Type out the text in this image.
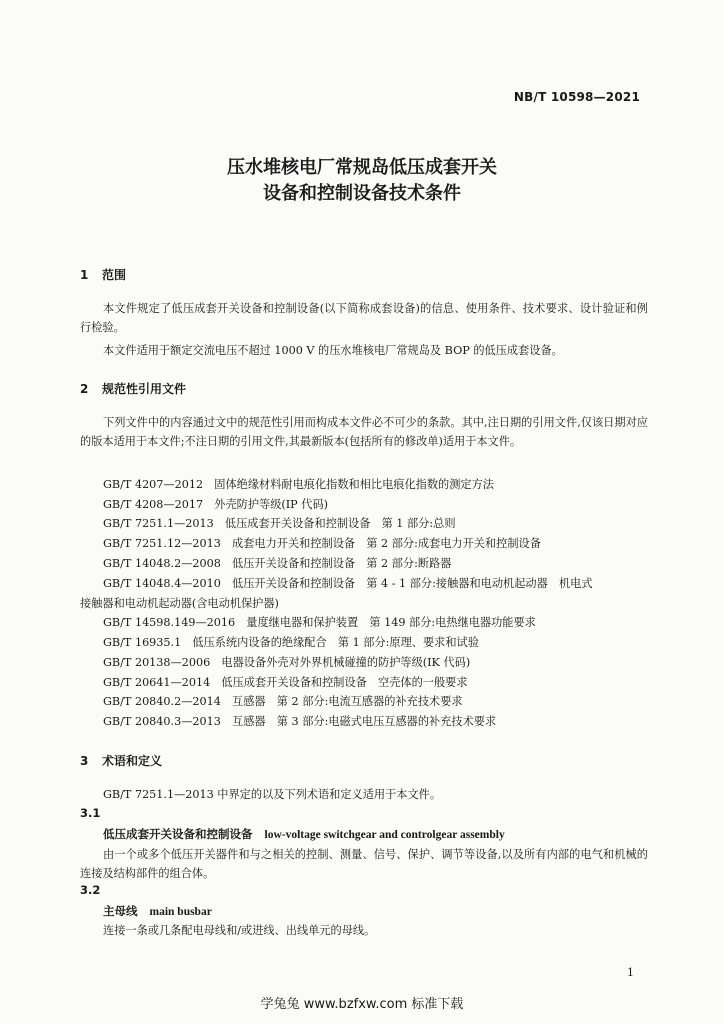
NB/T 10598—2021
压水堆核电厂常规岛低压成套开关
设备和控制设备技术条件
1 范围

本文件规定了低压成套开关设备和控制设备(以下简称成套设备)的信息、使用条件、技术要求、设计验证和例行检验。

本文件适用于额定交流电压不超过 1000 V 的压水堆核电厂常规岛及 BOP 的低压成套设备。

2 规范性引用文件

下列文件中的内容通过文中的规范性引用而构成本文件必不可少的条款。其中,注日期的引用文件,仅该日期对应的版本适用于本文件;不注日期的引用文件,其最新版本(包括所有的修改单)适用于本文件。

GB/T 4207—2012　固体绝缘材料耐电痕化指数和相比电痕化指数的测定方法
GB/T 4208—2017　外壳防护等级(IP 代码)
GB/T 7251.1—2013　低压成套开关设备和控制设备　第 1 部分:总则
GB/T 7251.12—2013　成套电力开关和控制设备　第 2 部分:成套电力开关和控制设备
GB/T 14048.2—2008　低压开关设备和控制设备　第 2 部分:断路器
GB/T 14048.4—2010　低压开关设备和控制设备　第 4 - 1 部分:接触器和电动机起动器　机电式
接触器和电动机起动器(含电动机保护器)
GB/T 14598.149—2016　量度继电器和保护装置　第 149 部分:电热继电器功能要求
GB/T 16935.1　低压系统内设备的绝缘配合　第 1 部分:原理、要求和试验
GB/T 20138—2006　电器设备外壳对外界机械碰撞的防护等级(IK 代码)
GB/T 20641—2014　低压成套开关设备和控制设备　空壳体的一般要求
GB/T 20840.2—2014　互感器　第 2 部分:电流互感器的补充技术要求
GB/T 20840.3—2013　互感器　第 3 部分:电磁式电压互感器的补充技术要求
3 术语和定义

GB/T 7251.1—2013 中界定的以及下列术语和定义适用于本文件。

3.1
低压成套开关设备和控制设备 low-voltage switchgear and controlgear assembly

由一个或多个低压开关器件和与之相关的控制、测量、信号、保护、调节等设备,以及所有内部的电气和机械的连接及结构部件的组合体。

3.2
主母线 main busbar

连接一条或几条配电母线和/或进线、出线单元的母线。

1
学兔兔 www.bzfxw.com 标准下载
